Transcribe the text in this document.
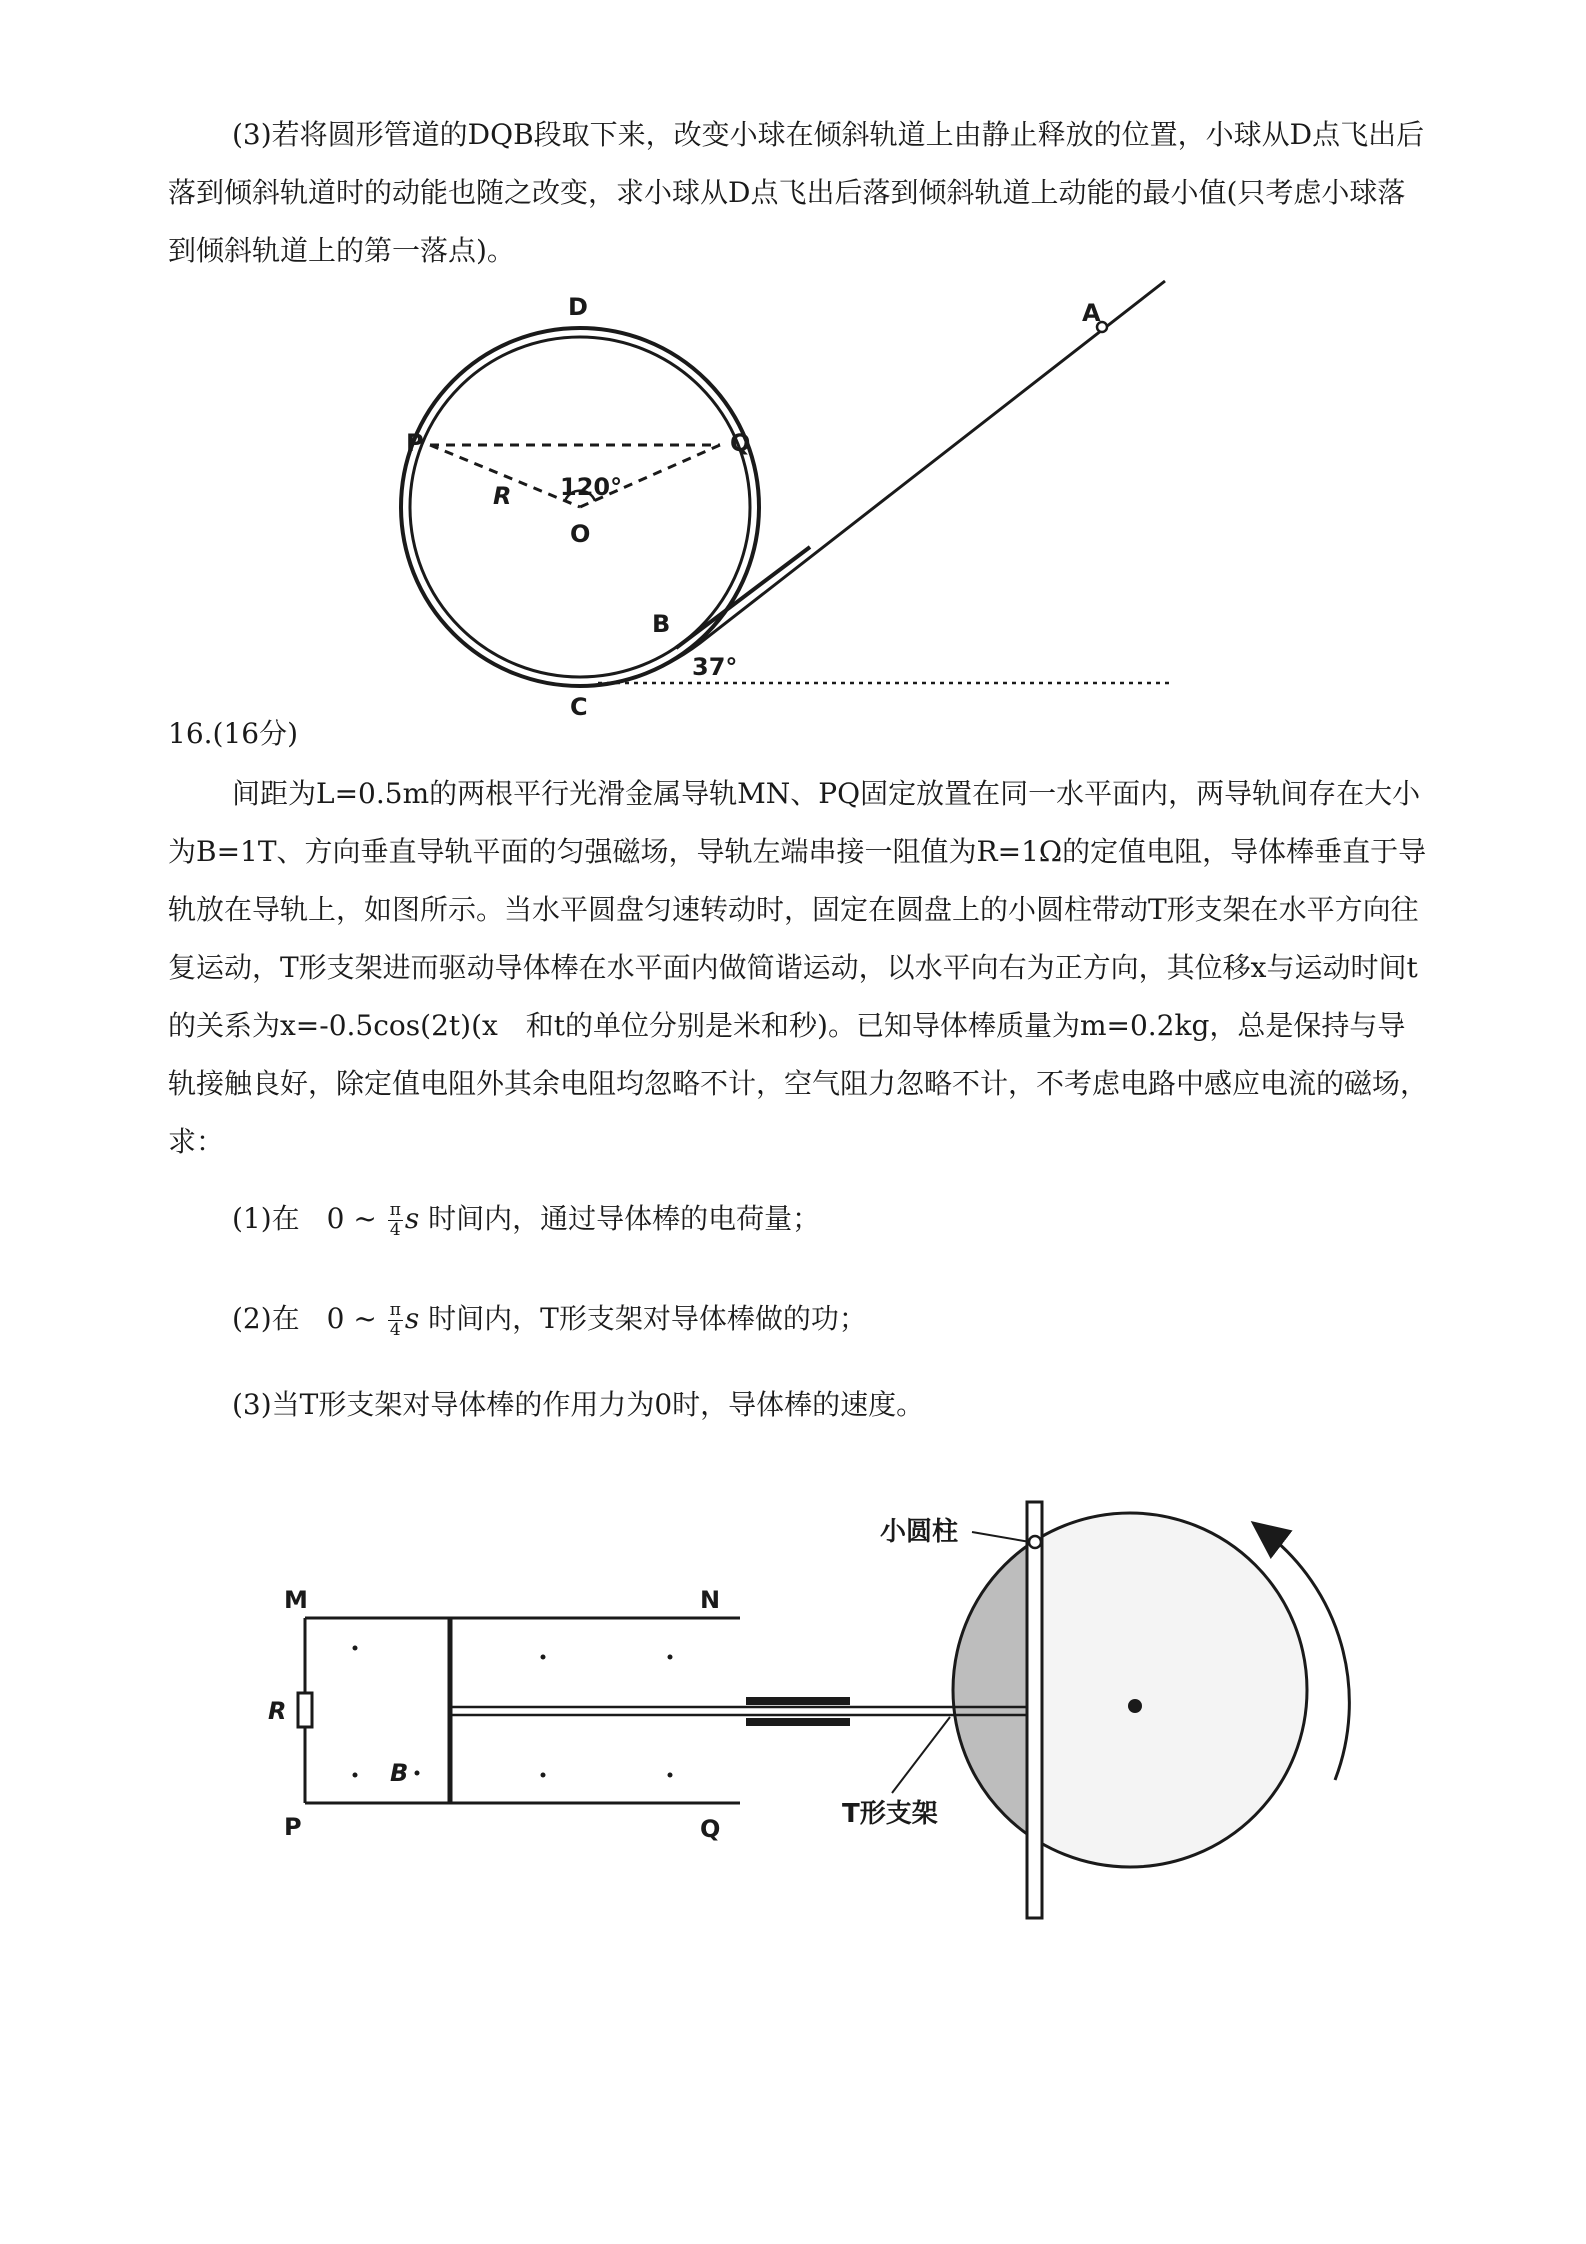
(3)若将圆形管道的DQB段取下来，改变小球在倾斜轨道上由静止释放的位置，小球从D点飞出后落到倾斜轨道时的动能也随之改变，求小球从D点飞出后落到倾斜轨道上动能的最小值(只考虑小球落到倾斜轨道上的第一落点)。
A
D
P	Q
120°
R
O
B
37°
C
16.(16分)
间距为L=0.5m的两根平行光滑金属导轨MN、PQ固定放置在同一水平面内，两导轨间存在大小为B=1T、方向垂直导轨平面的匀强磁场，导轨左端串接一阻值为R=1Ω的定值电阻，导体棒垂直于导轨放在导轨上，如图所示。当水平圆盘匀速转动时，固定在圆盘上的小圆柱带动T形支架在水平方向往复运动，T形支架进而驱动导体棒在水平面内做简谐运动，以水平向右为正方向，其位移x与运动时间t的关系为x=-0.5cos(2t)(x　和t的单位分别是米和秒)。已知导体棒质量为m=0.2kg，总是保持与导轨接触良好，除定值电阻外其余电阻均忽略不计，空气阻力忽略不计，不考虑电路中感应电流的磁场，求：
(1)在 0 ~ $\frac{\pi}{4}$ s 时间内，通过导体棒的电荷量；
(2)在 0 ~ $\frac{\pi}{4}$ s 时间内，T形支架对导体棒做的功；
(3)当T形支架对导体棒的作用力为0时，导体棒的速度。
M	N
P	Q
R
B
小圆柱
T形支架
